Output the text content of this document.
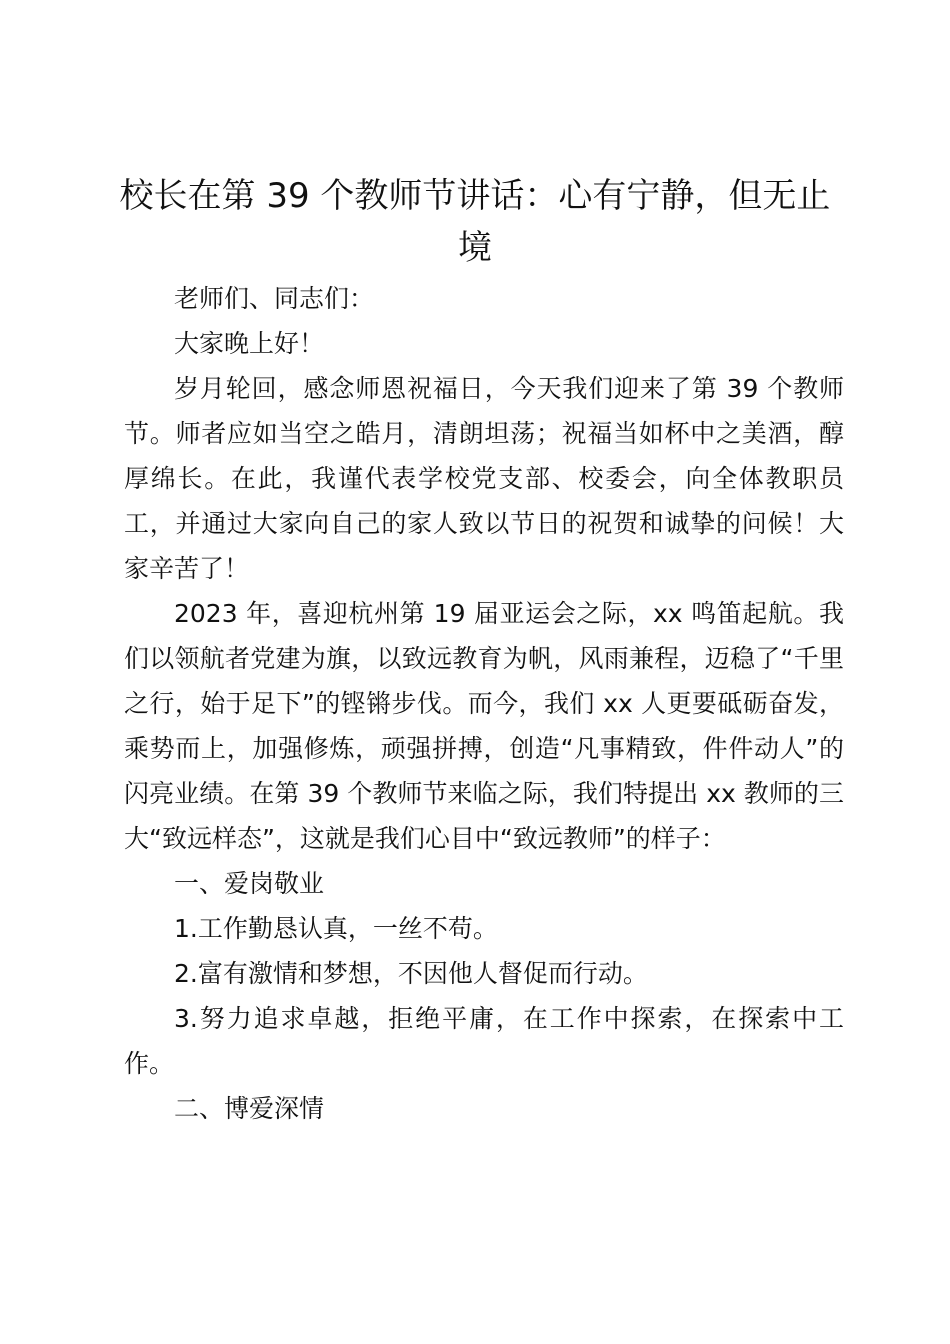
校长在第 39 个教师节讲话：心有宁静，但无止境

老师们、同志们：

大家晚上好！

岁月轮回，感念师恩祝福日，今天我们迎来了第 39 个教师节。师者应如当空之皓月，清朗坦荡；祝福当如杯中之美酒，醇厚绵长。在此，我谨代表学校党支部、校委会，向全体教职员工，并通过大家向自己的家人致以节日的祝贺和诚挚的问候！大家辛苦了！

2023 年，喜迎杭州第 19 届亚运会之际，xx 鸣笛起航。我们以领航者党建为旗，以致远教育为帆，风雨兼程，迈稳了“千里之行，始于足下”的铿锵步伐。而今，我们 xx 人更要砥砺奋发，乘势而上，加强修炼，顽强拼搏，创造“凡事精致，件件动人”的闪亮业绩。在第 39 个教师节来临之际，我们特提出 xx 教师的三大“致远样态”，这就是我们心目中“致远教师”的样子：

一、爱岗敬业

1.工作勤恳认真，一丝不苟。

2.富有激情和梦想，不因他人督促而行动。

3.努力追求卓越，拒绝平庸，在工作中探索，在探索中工作。

二、博爱深情
